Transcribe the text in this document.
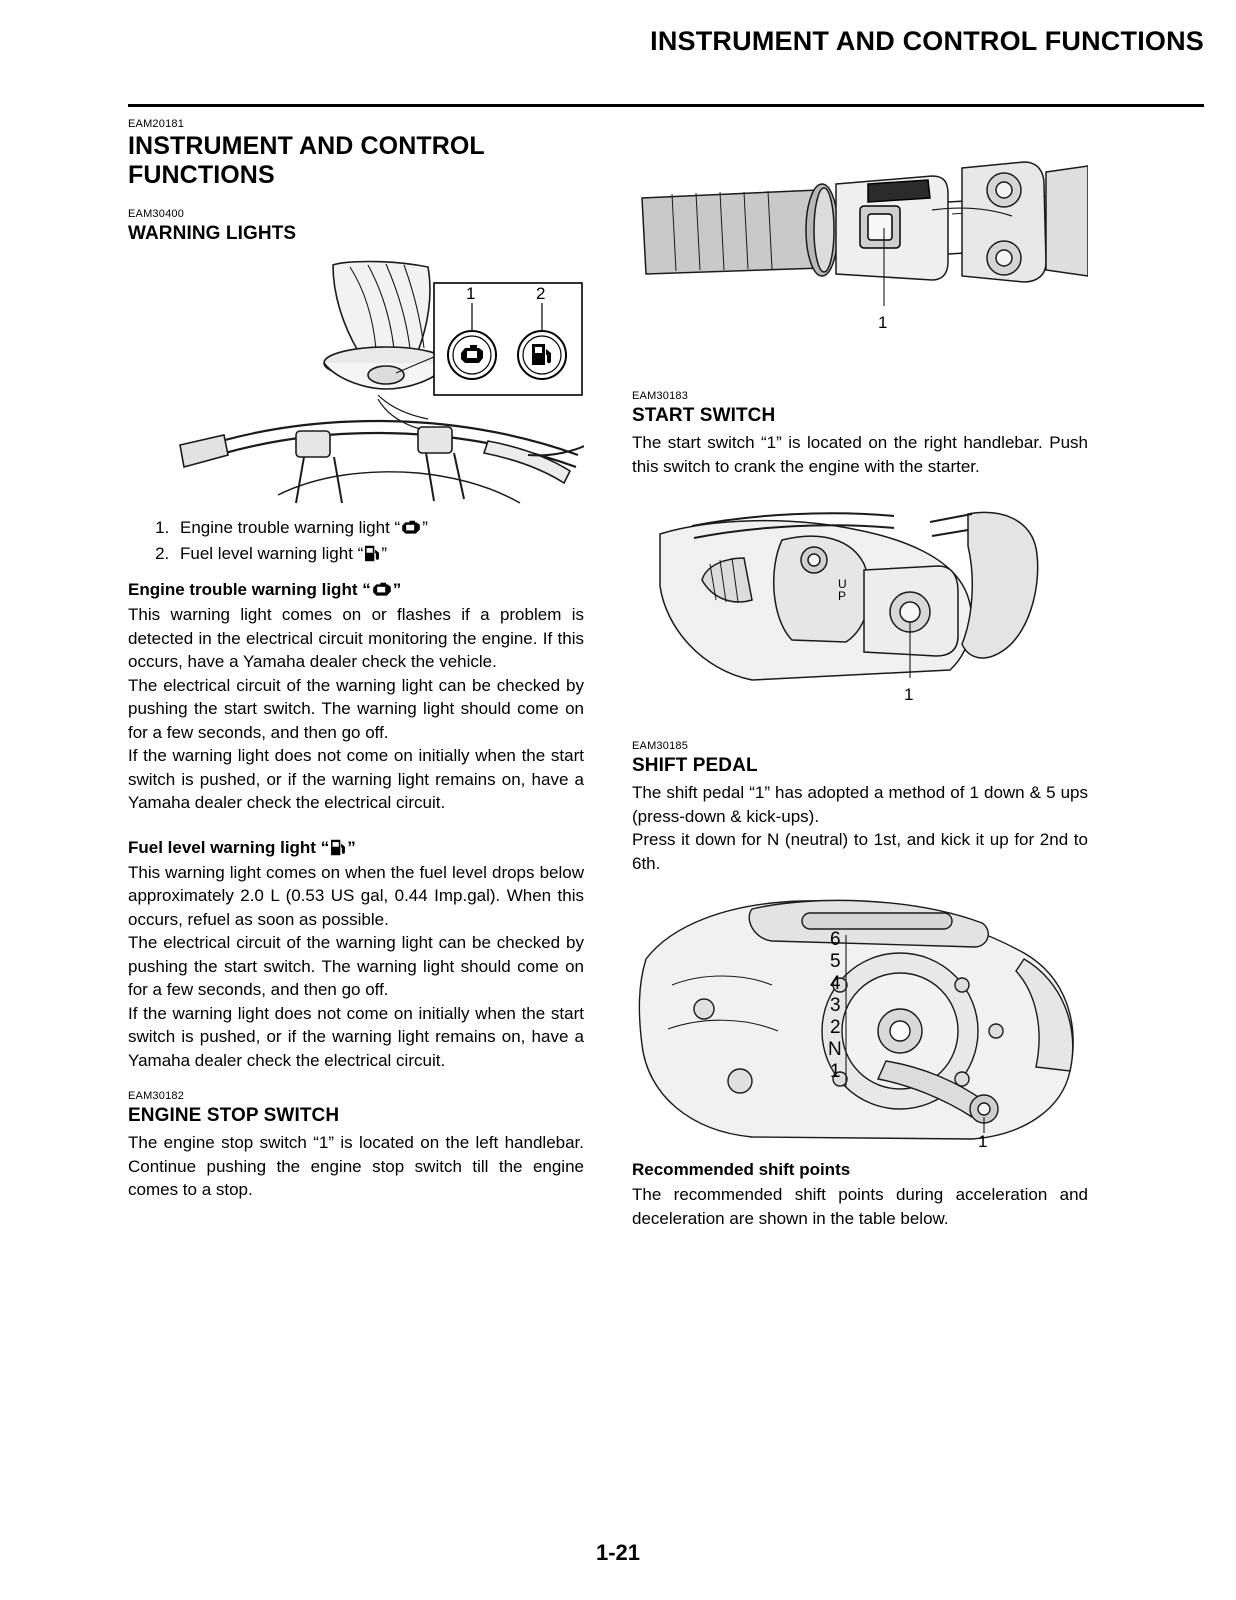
INSTRUMENT AND CONTROL FUNCTIONS
EAM20181
INSTRUMENT AND CONTROL FUNCTIONS
EAM30400
WARNING LIGHTS
1	2
1. Engine trouble warning light “ ”
2. Fuel level warning light “ ”
Engine trouble warning light “ ”

This warning light comes on or flashes if a problem is detected in the electrical circuit monitoring the engine. If this occurs, have a Yamaha dealer check the vehicle.

The electrical circuit of the warning light can be checked by pushing the start switch. The warning light should come on for a few seconds, and then go off.

If the warning light does not come on initially when the start switch is pushed, or if the warning light remains on, have a Yamaha dealer check the electrical circuit.

Fuel level warning light “ ”

This warning light comes on when the fuel level drops below approximately 2.0 L (0.53 US gal, 0.44 Imp.gal). When this occurs, refuel as soon as possible.

The electrical circuit of the warning light can be checked by pushing the start switch. The warning light should come on for a few seconds, and then go off.

If the warning light does not come on initially when the start switch is pushed, or if the warning light remains on, have a Yamaha dealer check the electrical circuit.

EAM30182
ENGINE STOP SWITCH

The engine stop switch “1” is located on the left handlebar. Continue pushing the engine stop switch till the engine comes to a stop.

1
EAM30183
START SWITCH

The start switch “1” is located on the right handlebar. Push this switch to crank the engine with the starter.

U
P
1
EAM30185
SHIFT PEDAL

The shift pedal “1” has adopted a method of 1 down & 5 ups (press-down & kick-ups).

Press it down for N (neutral) to 1st, and kick it up for 2nd to 6th.

6
5
4
3
2
N
1
1
Recommended shift points

The recommended shift points during acceleration and deceleration are shown in the table below.

1-21
